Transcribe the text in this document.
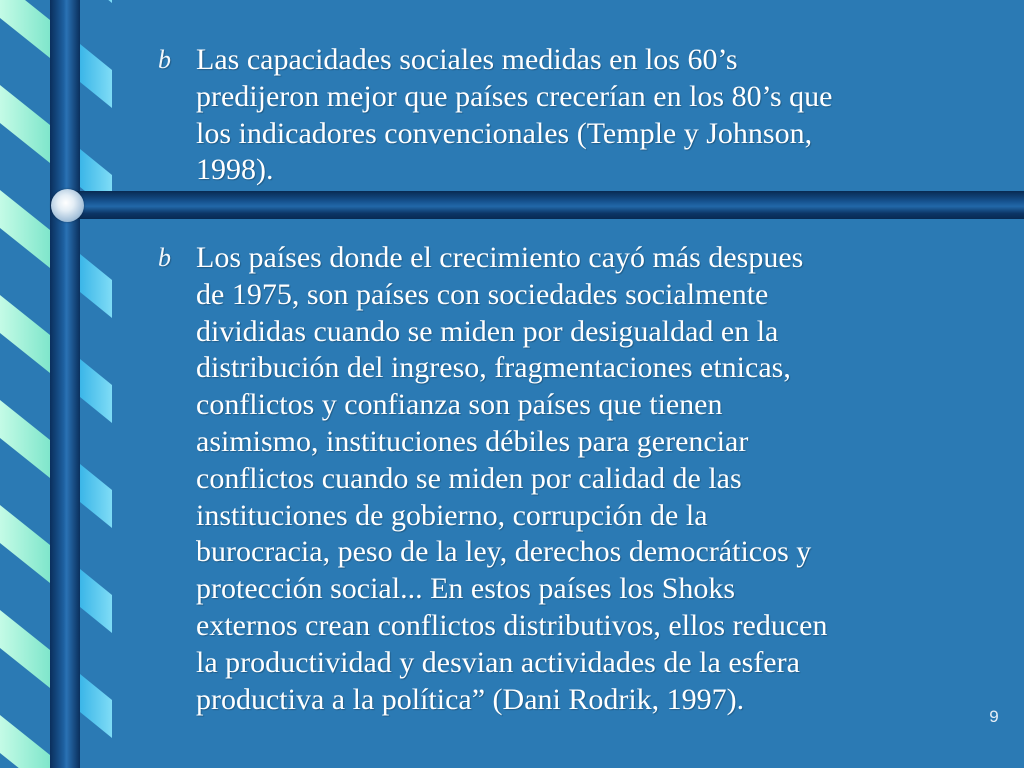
b Las capacidades sociales medidas en los 60’s
predijeron mejor que países crecerían en los 80’s que
los indicadores convencionales (Temple y Johnson,
1998).
b Los países donde el crecimiento cayó más despues
de 1975, son países con sociedades socialmente
divididas cuando se miden por desigualdad en la
distribución del ingreso, fragmentaciones etnicas,
conflictos y confianza son países que tienen
asimismo, instituciones débiles para gerenciar
conflictos cuando se miden por calidad de las
instituciones de gobierno, corrupción de la
burocracia, peso de la ley, derechos democráticos y
protección social... En estos países los Shoks
externos crean conflictos distributivos, ellos reducen
la productividad y desvian actividades de la esfera
productiva a la política” (Dani Rodrik, 1997).
9
